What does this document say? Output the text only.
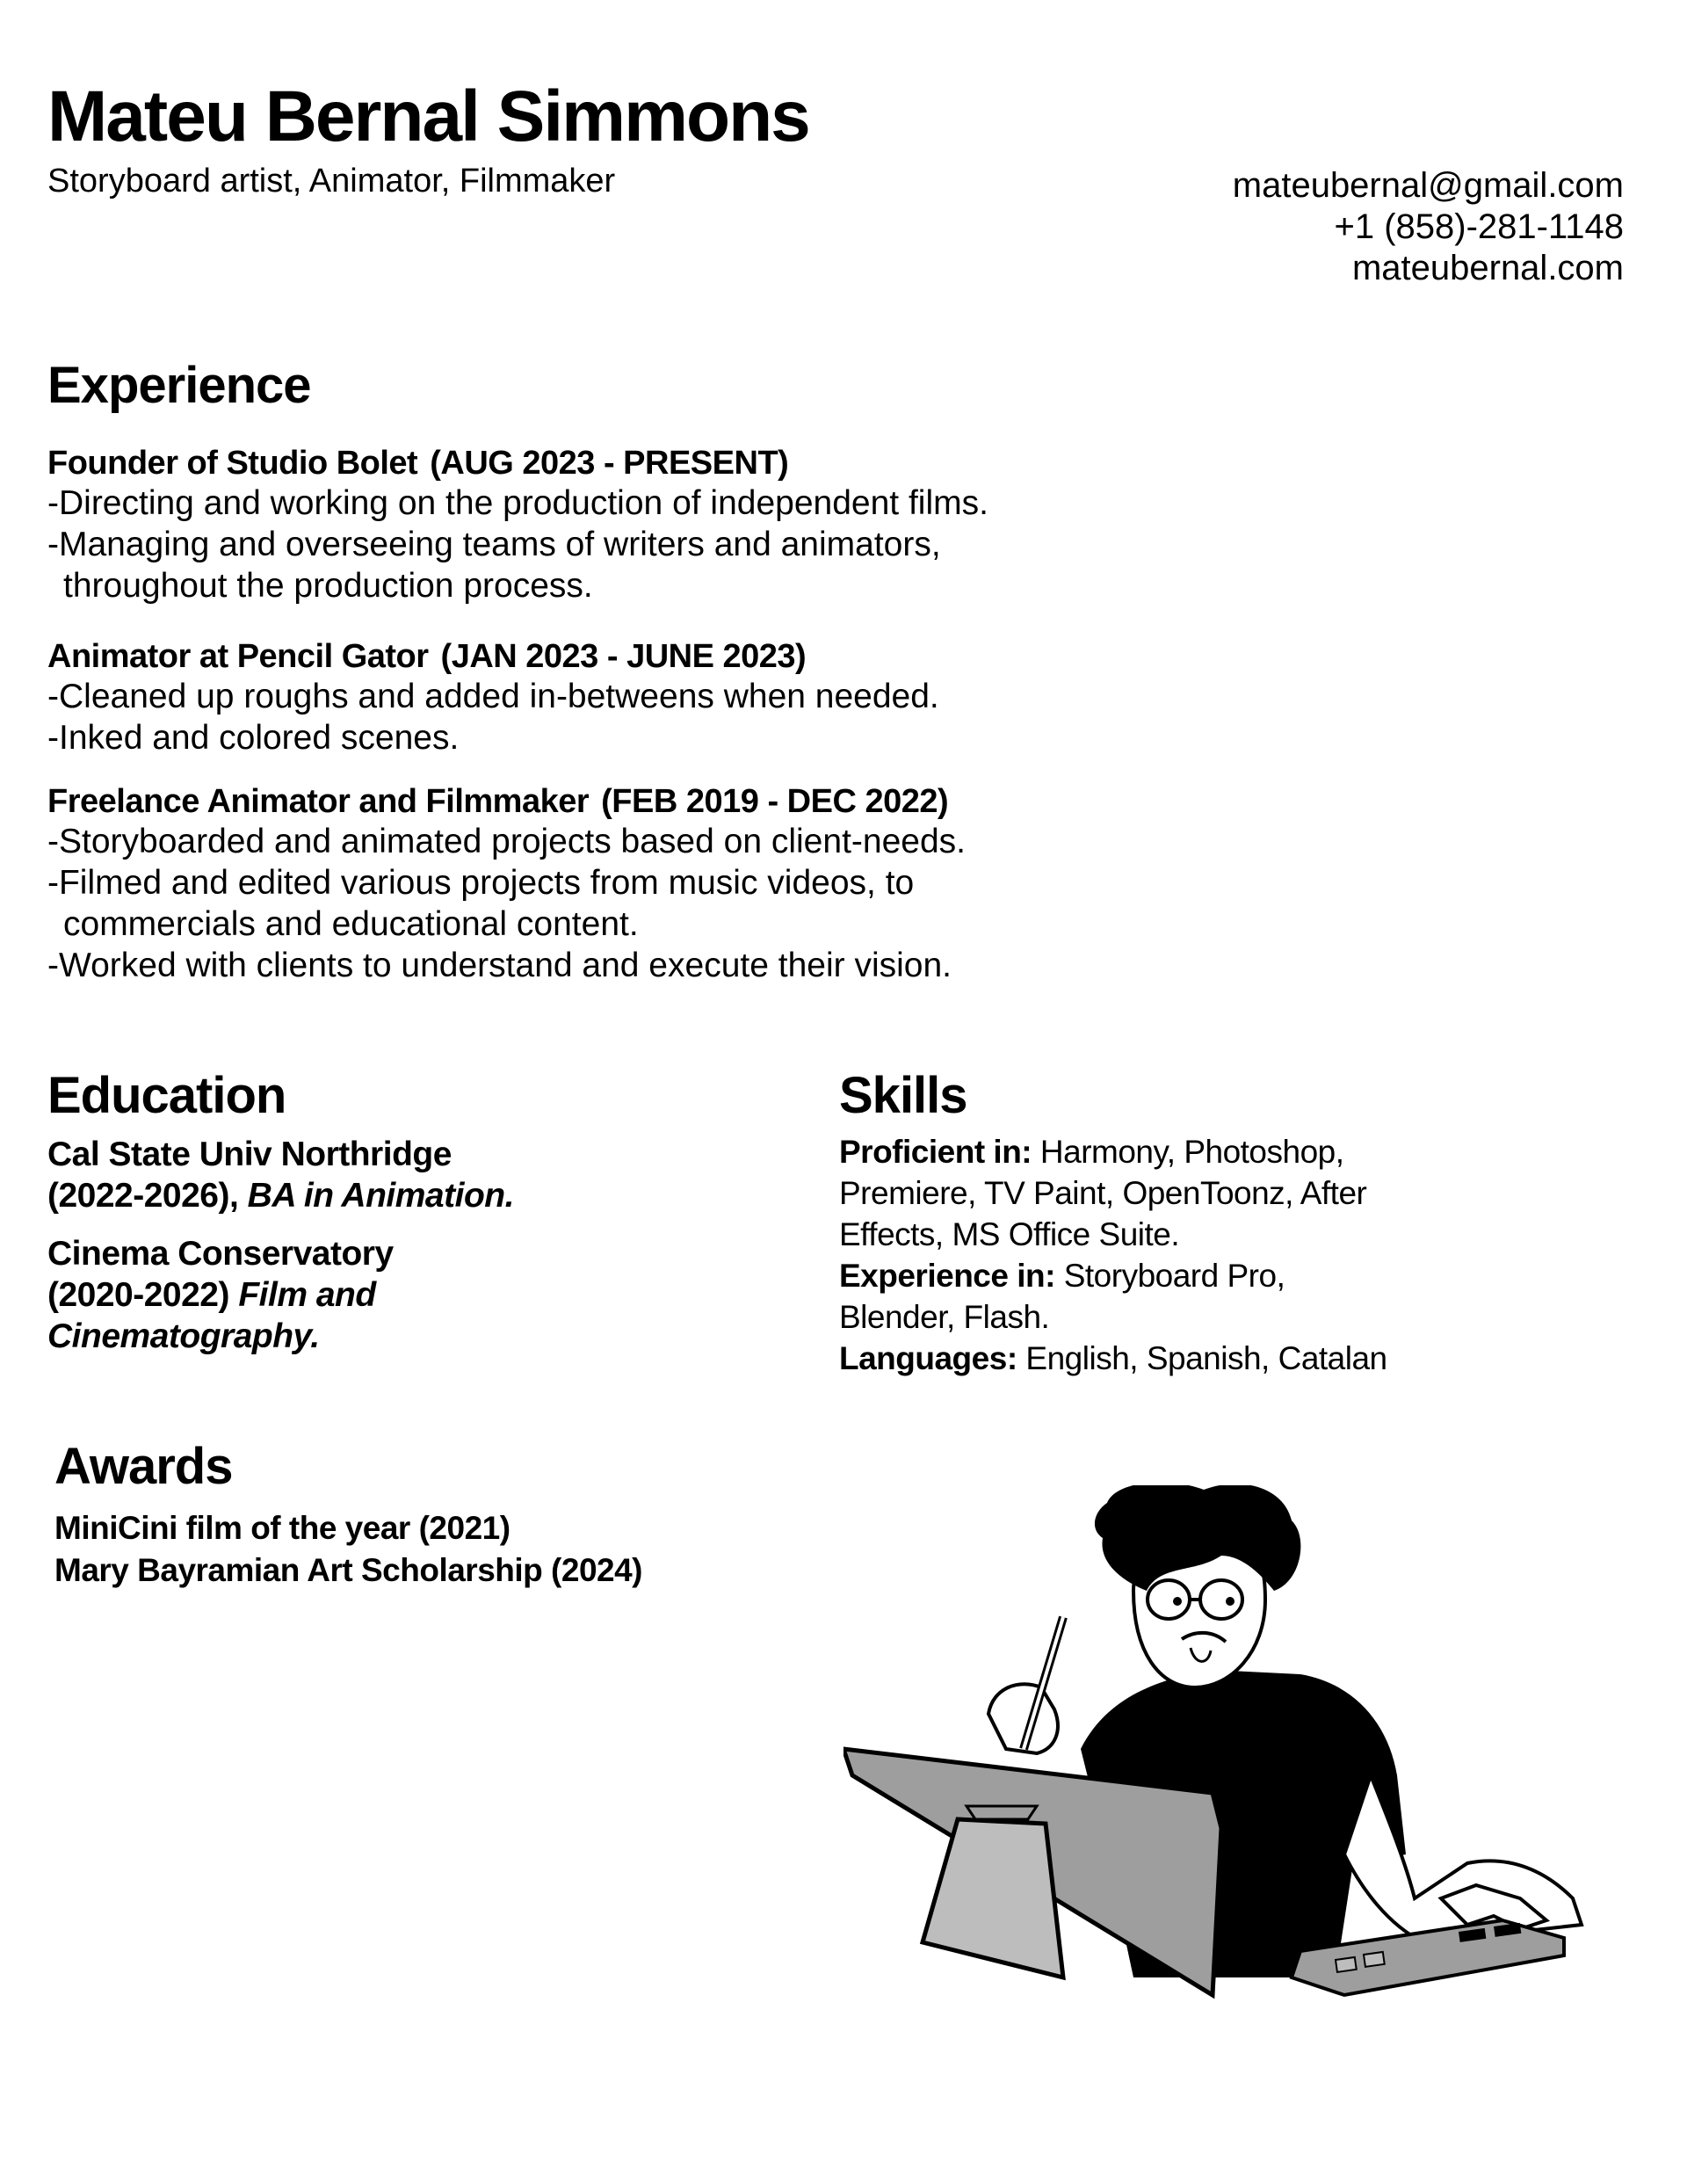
Mateu Bernal Simmons
Storyboard artist, Animator, Filmmaker	mateubernal@gmail.com
+1 (858)-281-1148
mateubernal.com
Experience
Founder of Studio Bolet (AUG 2023 - PRESENT)
-Directing and working on the production of independent films.
-Managing and overseeing teams of writers and animators, throughout the production process.
Animator at Pencil Gator (JAN 2023 - JUNE 2023)
-Cleaned up roughs and added in-betweens when needed.
-Inked and colored scenes.
Freelance Animator and Filmmaker (FEB 2019 - DEC 2022)
-Storyboarded and animated projects based on client-needs.
-Filmed and edited various projects from music videos, to commercials and educational content.
-Worked with clients to understand and execute their vision.
Education
Cal State Univ Northridge
(2022-2026), BA in Animation.
Cinema Conservatory
(2020-2022) Film and Cinematography.
Skills
Proficient in: Harmony, Photoshop, Premiere, TV Paint, OpenToonz, After Effects, MS Office Suite.
Experience in: Storyboard Pro, Blender, Flash.
Languages: English, Spanish, Catalan
Awards
MiniCini film of the year (2021)
Mary Bayramian Art Scholarship (2024)
